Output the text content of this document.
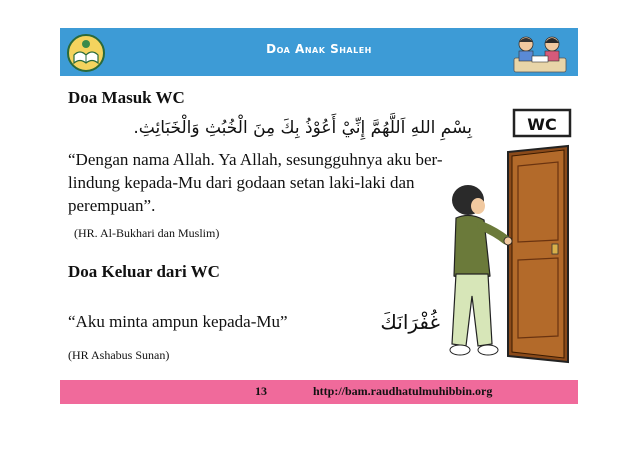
Doa Anak Shaleh
Doa Masuk WC
بِسْمِ اللهِ اَللَّهُمَّ إِنِّيْ أَعُوْذُ بِكَ مِنَ الْخُبُثِ وَالْخَبَائِثِ.
“Dengan nama Allah. Ya Allah, sesungguhnya aku ber-
lindung kepada-Mu dari godaan setan laki-laki dan
perempuan”.
(HR. Al-Bukhari dan Muslim)
Doa Keluar dari WC
“Aku minta ampun kepada-Mu”	غُفْرَانَكَ
(HR Ashabus Sunan)
WC
13	http://bam.raudhatulmuhibbin.org
